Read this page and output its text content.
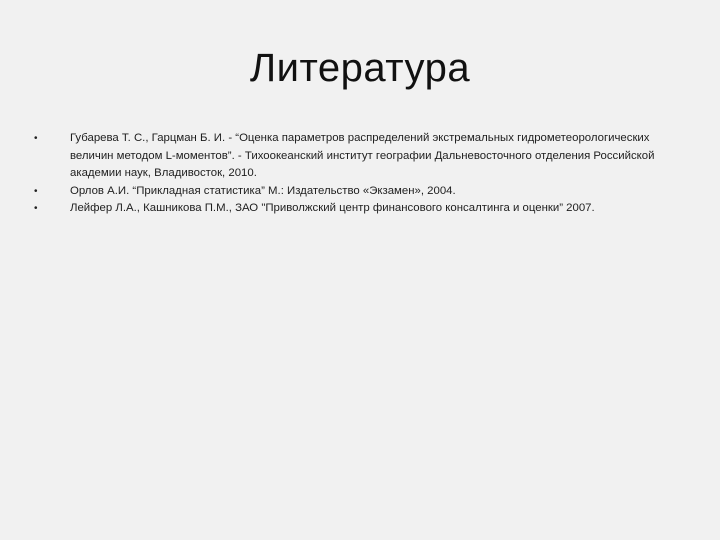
Литература
•	Губарева Т. С., Гарцман Б. И. - “Оценка параметров распределений экстремальных гидрометеорологических величин методом L-моментов”. - Тихоокеанский институт географии Дальневосточного отделения Российской академии наук, Владивосток, 2010.
•	Орлов А.И. “Прикладная статистика” М.: Издательство «Экзамен», 2004.
•	Лейфер Л.А., Кашникова П.М., ЗАО "Приволжский центр финансового консалтинга и оценки” 2007.
